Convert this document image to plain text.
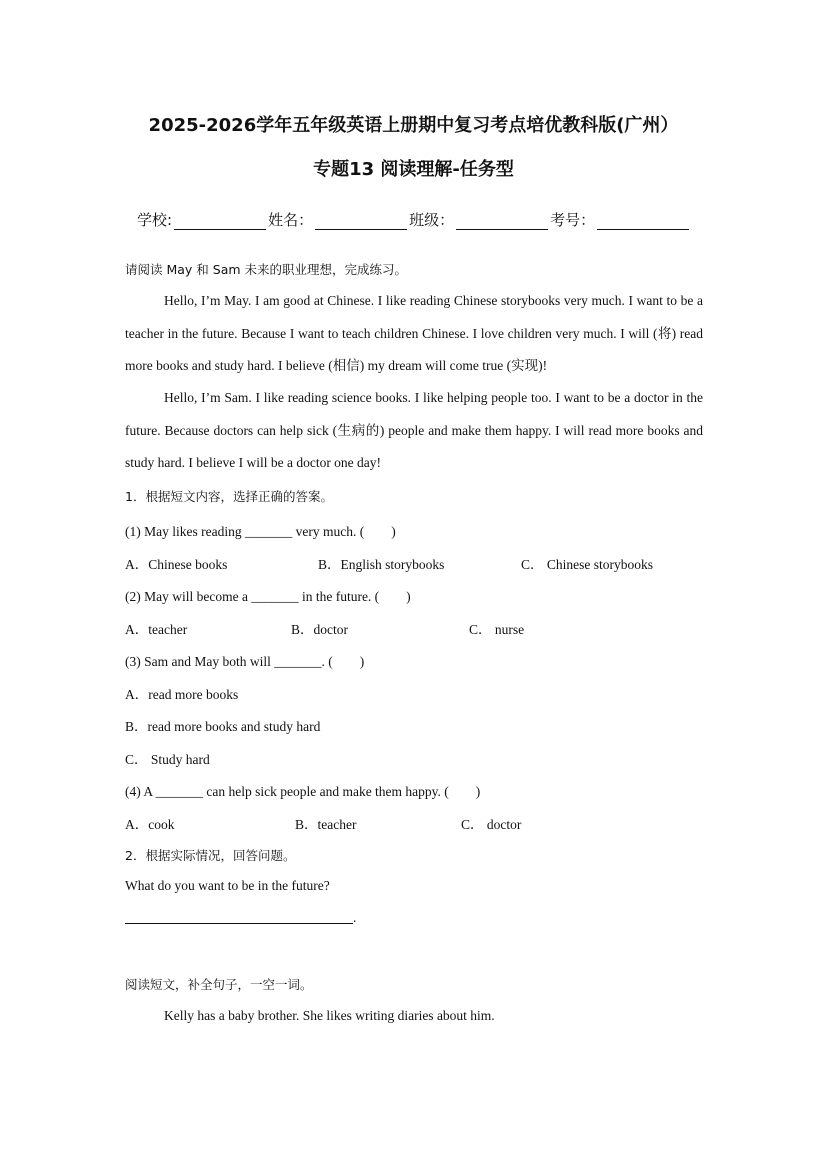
2025-2026学年五年级英语上册期中复习考点培优教科版(广州）
专题13 阅读理解-任务型
学校:	姓名：	班级：	考号：
请阅读 May 和 Sam 未来的职业理想，完成练习。
Hello, I’m May. I am good at Chinese. I like reading Chinese storybooks very much. I want to be a teacher in the future. Because I want to teach children Chinese. I love children very much. I will (将) read more books and study hard. I believe (相信) my dream will come true (实现)!
Hello, I’m Sam. I like reading science books. I like helping people too. I want to be a doctor in the future. Because doctors can help sick (生病的) people and make them happy. I will read more books and study hard. I believe I will be a doctor one day!
1．根据短文内容，选择正确的答案。
(1) May likes reading _______ very much. (　　)
A．Chinese books	B．English storybooks	C． Chinese storybooks
(2) May will become a _______ in the future. (　　)
A．teacher	B．doctor	C． nurse
(3) Sam and May both will _______. (　　)
A．read more books
B．read more books and study hard
C． Study hard
(4) A _______ can help sick people and make them happy. (　　)
A．cook	B．teacher	C． doctor
2．根据实际情况，回答问题。
What do you want to be in the future?
.
阅读短文，补全句子，一空一词。
Kelly has a baby brother. She likes writing diaries about him.
